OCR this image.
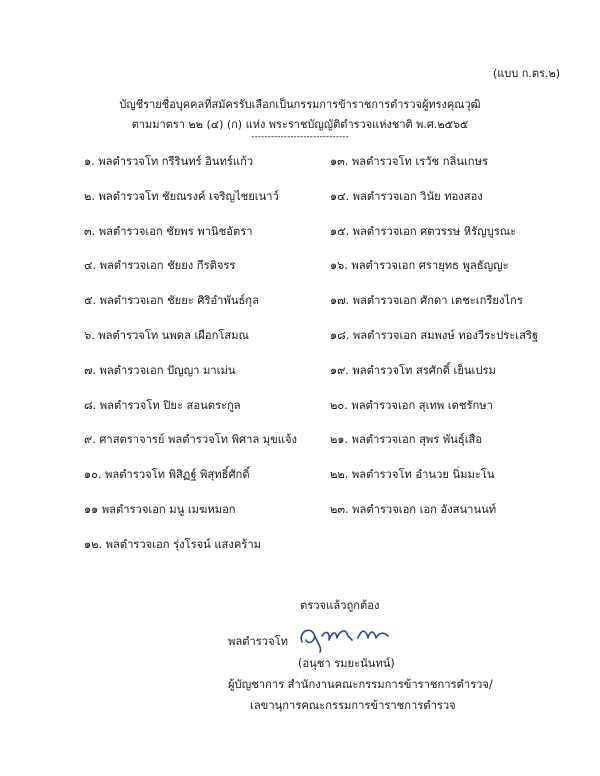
(แบบ ก.ตร.๒)
บัญชีรายชื่อบุคคลที่สมัครรับเลือกเป็นกรรมการข้าราชการตำรวจผู้ทรงคุณวุฒิ
ตามมาตรา ๒๒ (๔) (ก) แห่ง พระราชบัญญัติตำรวจแห่งชาติ พ.ศ.๒๕๖๕
------------------------------
๑. พลตำรวจโท กรีรินทร์ อินทร์แก้ว
๒. พลตำรวจโท ชัยณรงค์ เจริญไชยเนาว์
๓. พลตำรวจเอก ชัยพร พานิชอัตรา
๔. พลตำรวจเอก ชัยยง กีรติจรร
๕. พลตำรวจเอก ชัยยะ ศิริอำพันธ์กุล
๖. พลตำรวจโท นพดล เผือกโสมณ
๗. พลตำรวจเอก ปัญญา มาเม่น
๘. พลตำรวจโท ปิยะ สอนตระกูล
๙. ศาสตราจารย์ พลตำรวจโท พิศาล มุขแจ้ง
๑๐. พลตำรวจโท พิสิฏฐ์ พิสุทธิ์ศักดิ์
๑๑ พลตำรวจเอก มนู เมฆหมอก
๑๒. พลตำรวจเอก รุ่งโรจน์ แสงคร้าม
๑๓. พลตำรวจโท เรวัช กลิ่นเกษร
๑๔. พลตำรวจเอก วินัย ทองสอง
๑๕. พลตำรวจเอก ศตวรรษ หิรัญบูรณะ
๑๖. พลตำรวจเอก ศรายุทธ พูลธัญญะ
๑๗. พลตำรวจเอก ศักดา เตชะเกรียงไกร
๑๘. พลตำรวจเอก สมพงษ์ ทองวีระประเสริฐ
๑๙. พลตำรวจโท สรศักดิ์ เย็นเปรม
๒๐. พลตำรวจเอก สุเทพ เดชรักษา
๒๑. พลตำรวจเอก สุพร พันธุ์เสือ
๒๒. พลตำรวจโท อำนวย นิ่มมะโน
๒๓. พลตำรวจเอก เอก อังสนานนท์
ตรวจแล้วถูกต้อง
พลตำรวจโท
(อนุชา รมยะนันทน์)
ผู้บัญชาการ สำนักงานคณะกรรมการข้าราชการตำรวจ/
เลขานุการคณะกรรมการข้าราชการตำรวจ
